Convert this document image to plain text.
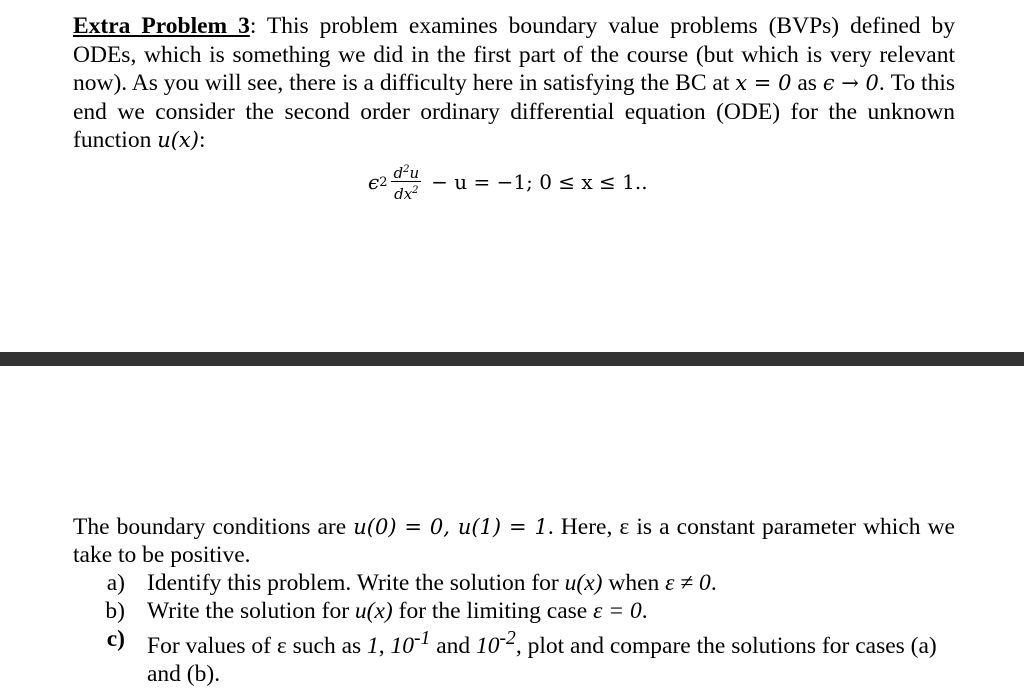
Extra Problem 3: This problem examines boundary value problems (BVPs) defined by ODEs, which is something we did in the first part of the course (but which is very relevant now). As you will see, there is a difficulty here in satisfying the BC at x = 0 as ϵ → 0. To this end we consider the second order ordinary differential equation (ODE) for the unknown function u(x):
ϵ $2 \frac{d^2u}{dx^2} - u = -1$; 0 ≤ x ≤ 1..
The boundary conditions are u(0) = 0, u(1) = 1. Here, ε is a constant parameter which we take to be positive.
a) Identify this problem. Write the solution for u(x) when ε ≠ 0.
b) Write the solution for u(x) for the limiting case ε = 0.
c) For values of ε such as 1, $10^{-1}$ and $10^{-2}$, plot and compare the solutions for cases (a) and (b).
